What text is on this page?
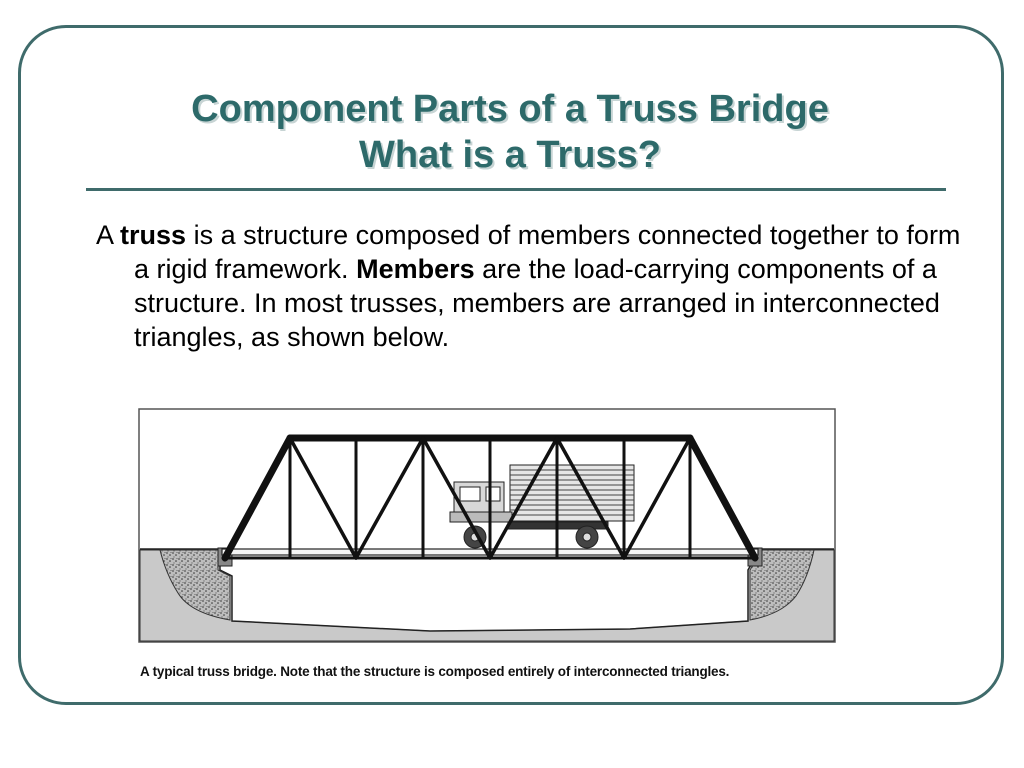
Component Parts of a Truss Bridge
What is a Truss?
A truss is a structure composed of members connected together to form a rigid framework. Members are the load-carrying components of a structure. In most trusses, members are arranged in interconnected triangles, as shown below.
A typical truss bridge. Note that the structure is composed entirely of interconnected triangles.
